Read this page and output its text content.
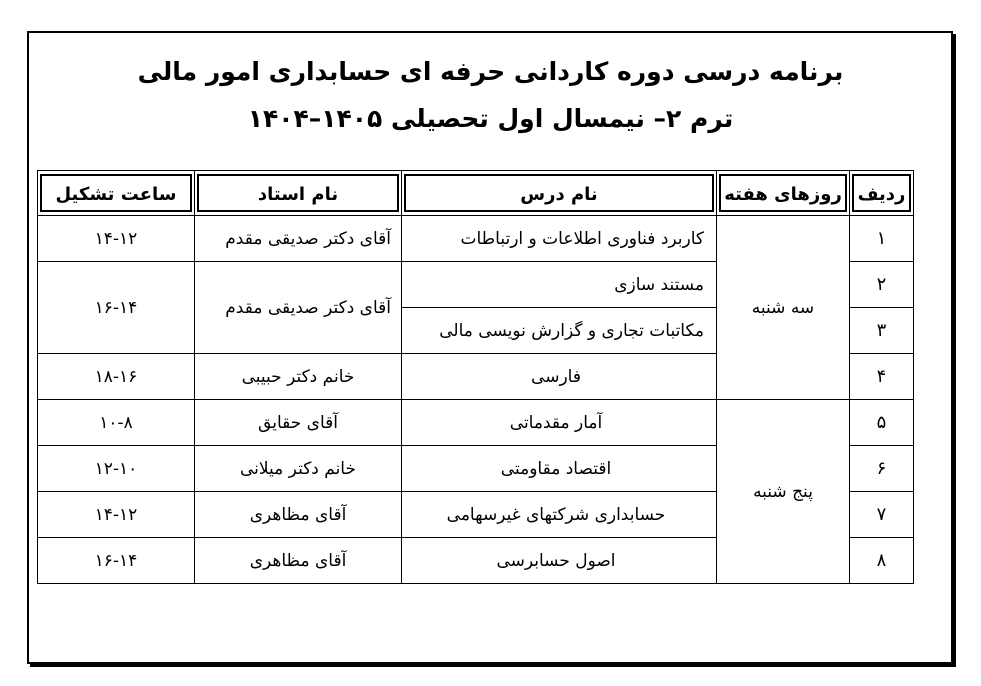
برنامه درسی دوره کاردانی حرفه ای حسابداری امور مالی
ترم ۲– نیمسال اول تحصیلی ۱۴۰۵–۱۴۰۴
ردیف	روزهای هفته	نام درس	نام استاد	ساعت تشکیل

۱	سه شنبه	کاربرد فناوری اطلاعات و ارتباطات	آقای دکتر صدیقی مقدم	۱۴-۱۲
۲		مستند سازی	آقای دکتر صدیقی مقدم	۱۶-۱۴
۳		مکاتبات تجاری و گزارش نویسی مالی		
۴		فارسی	خانم دکتر حبیبی	۱۸-۱۶
۵	پنج شنبه	آمار مقدماتی	آقای حقایق	۱۰-۸
۶		اقتصاد مقاومتی	خانم دکتر میلانی	۱۲-۱۰
۷		حسابداری شرکتهای غیرسهامی	آقای مظاهری	۱۴-۱۲
۸		اصول حسابرسی	آقای مظاهری	۱۶-۱۴
